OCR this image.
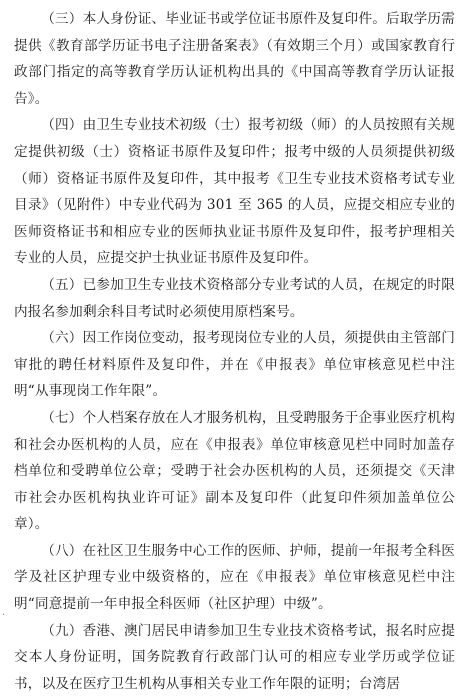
（三）本人身份证、毕业证书或学位证书原件及复印件。后取学历需提供《教育部学历证书电子注册备案表》（有效期三个月）或国家教育行政部门指定的高等教育学历认证机构出具的《中国高等教育学历认证报告》。

（四）由卫生专业技术初级（士）报考初级（师）的人员按照有关规定提供初级（士）资格证书原件及复印件；报考中级的人员须提供初级（师）资格证书原件及复印件，其中报考《卫生专业技术资格考试专业目录》（见附件）中专业代码为 301 至 365 的人员，应提交相应专业的医师资格证书和相应专业的医师执业证书原件及复印件，报考护理相关专业的人员，应提交护士执业证书原件及复印件。

（五）已参加卫生专业技术资格部分专业考试的人员，在规定的时限内报名参加剩余科目考试时必须使用原档案号。

（六）因工作岗位变动，报考现岗位专业的人员，须提供由主管部门审批的聘任材料原件及复印件，并在《申报表》单位审核意见栏中注明“从事现岗工作年限”。

（七）个人档案存放在人才服务机构，且受聘服务于企事业医疗机构和社会办医机构的人员，应在《申报表》单位审核意见栏中同时加盖存档单位和受聘单位公章；受聘于社会办医机构的人员，还须提交《天津市社会办医机构执业许可证》副本及复印件（此复印件须加盖单位公章）。

（八）在社区卫生服务中心工作的医师、护师，提前一年报考全科医学及社区护理专业中级资格的，应在《申报表》单位审核意见栏中注明“同意提前一年申报全科医师（社区护理）中级”。

（九）香港、澳门居民申请参加卫生专业技术资格考试，报名时应提交本人身份证明，国务院教育行政部门认可的相应专业学历或学位证书，以及在医疗卫生机构从事相关专业工作年限的证明；台湾居

·
